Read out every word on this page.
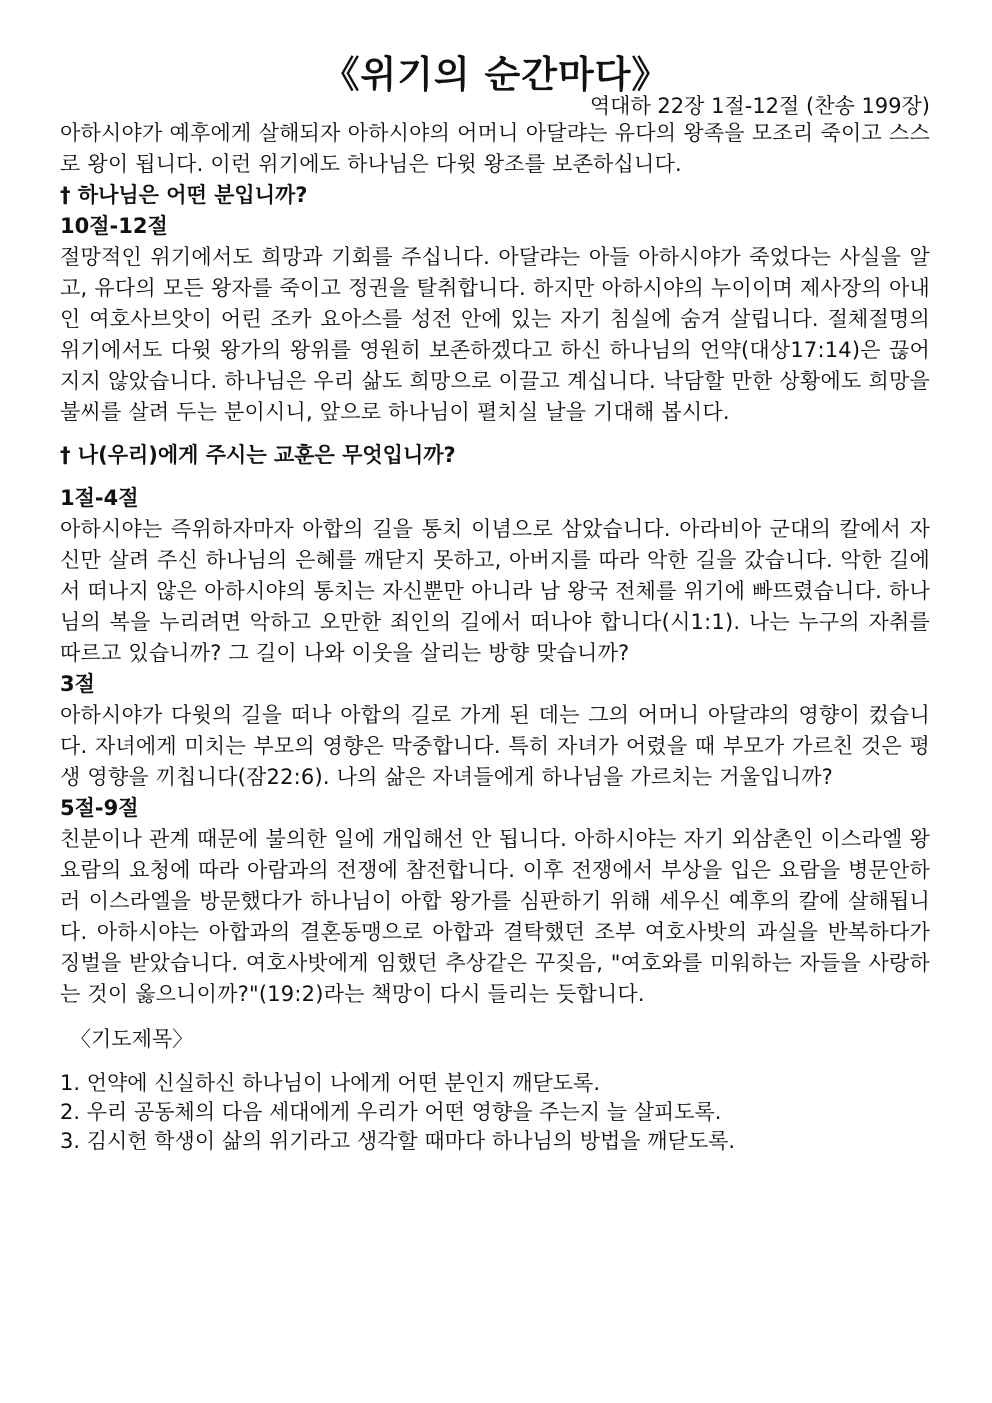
《위기의 순간마다》
역대하 22장 1절-12절 (찬송 199장)

아하시야가 예후에게 살해되자 아하시야의 어머니 아달랴는 유다의 왕족을 모조리 죽이고 스스로 왕이 됩니다. 이런 위기에도 하나님은 다윗 왕조를 보존하십니다.

† 하나님은 어떤 분입니까?

10절-12절

절망적인 위기에서도 희망과 기회를 주십니다. 아달랴는 아들 아하시야가 죽었다는 사실을 알고, 유다의 모든 왕자를 죽이고 정권을 탈취합니다. 하지만 아하시야의 누이이며 제사장의 아내인 여호사브앗이 어린 조카 요아스를 성전 안에 있는 자기 침실에 숨겨 살립니다. 절체절명의 위기에서도 다윗 왕가의 왕위를 영원히 보존하겠다고 하신 하나님의 언약(대상17:14)은 끊어지지 않았습니다. 하나님은 우리 삶도 희망으로 이끌고 계십니다. 낙담할 만한 상황에도 희망을 불씨를 살려 두는 분이시니, 앞으로 하나님이 펼치실 날을 기대해 봅시다.

† 나(우리)에게 주시는 교훈은 무엇입니까?

1절-4절

아하시야는 즉위하자마자 아합의 길을 통치 이념으로 삼았습니다. 아라비아 군대의 칼에서 자신만 살려 주신 하나님의 은혜를 깨닫지 못하고, 아버지를 따라 악한 길을 갔습니다. 악한 길에서 떠나지 않은 아하시야의 통치는 자신뿐만 아니라 남 왕국 전체를 위기에 빠뜨렸습니다. 하나님의 복을 누리려면 악하고 오만한 죄인의 길에서 떠나야 합니다(시1:1). 나는 누구의 자취를 따르고 있습니까? 그 길이 나와 이웃을 살리는 방향 맞습니까?

3절

아하시야가 다윗의 길을 떠나 아합의 길로 가게 된 데는 그의 어머니 아달랴의 영향이 컸습니다. 자녀에게 미치는 부모의 영향은 막중합니다. 특히 자녀가 어렸을 때 부모가 가르친 것은 평생 영향을 끼칩니다(잠22:6). 나의 삶은 자녀들에게 하나님을 가르치는 거울입니까?

5절-9절

친분이나 관계 때문에 불의한 일에 개입해선 안 됩니다. 아하시야는 자기 외삼촌인 이스라엘 왕 요람의 요청에 따라 아람과의 전쟁에 참전합니다. 이후 전쟁에서 부상을 입은 요람을 병문안하러 이스라엘을 방문했다가 하나님이 아합 왕가를 심판하기 위해 세우신 예후의 칼에 살해됩니다. 아하시야는 아합과의 결혼동맹으로 아합과 결탁했던 조부 여호사밧의 과실을 반복하다가 징벌을 받았습니다. 여호사밧에게 임했던 추상같은 꾸짖음, "여호와를 미워하는 자들을 사랑하는 것이 옳으니이까?"(19:2)라는 책망이 다시 들리는 듯합니다.

〈기도제목〉

1. 언약에 신실하신 하나님이 나에게 어떤 분인지 깨닫도록.
2. 우리 공동체의 다음 세대에게 우리가 어떤 영향을 주는지 늘 살피도록.
3. 김시헌 학생이 삶의 위기라고 생각할 때마다 하나님의 방법을 깨닫도록.
